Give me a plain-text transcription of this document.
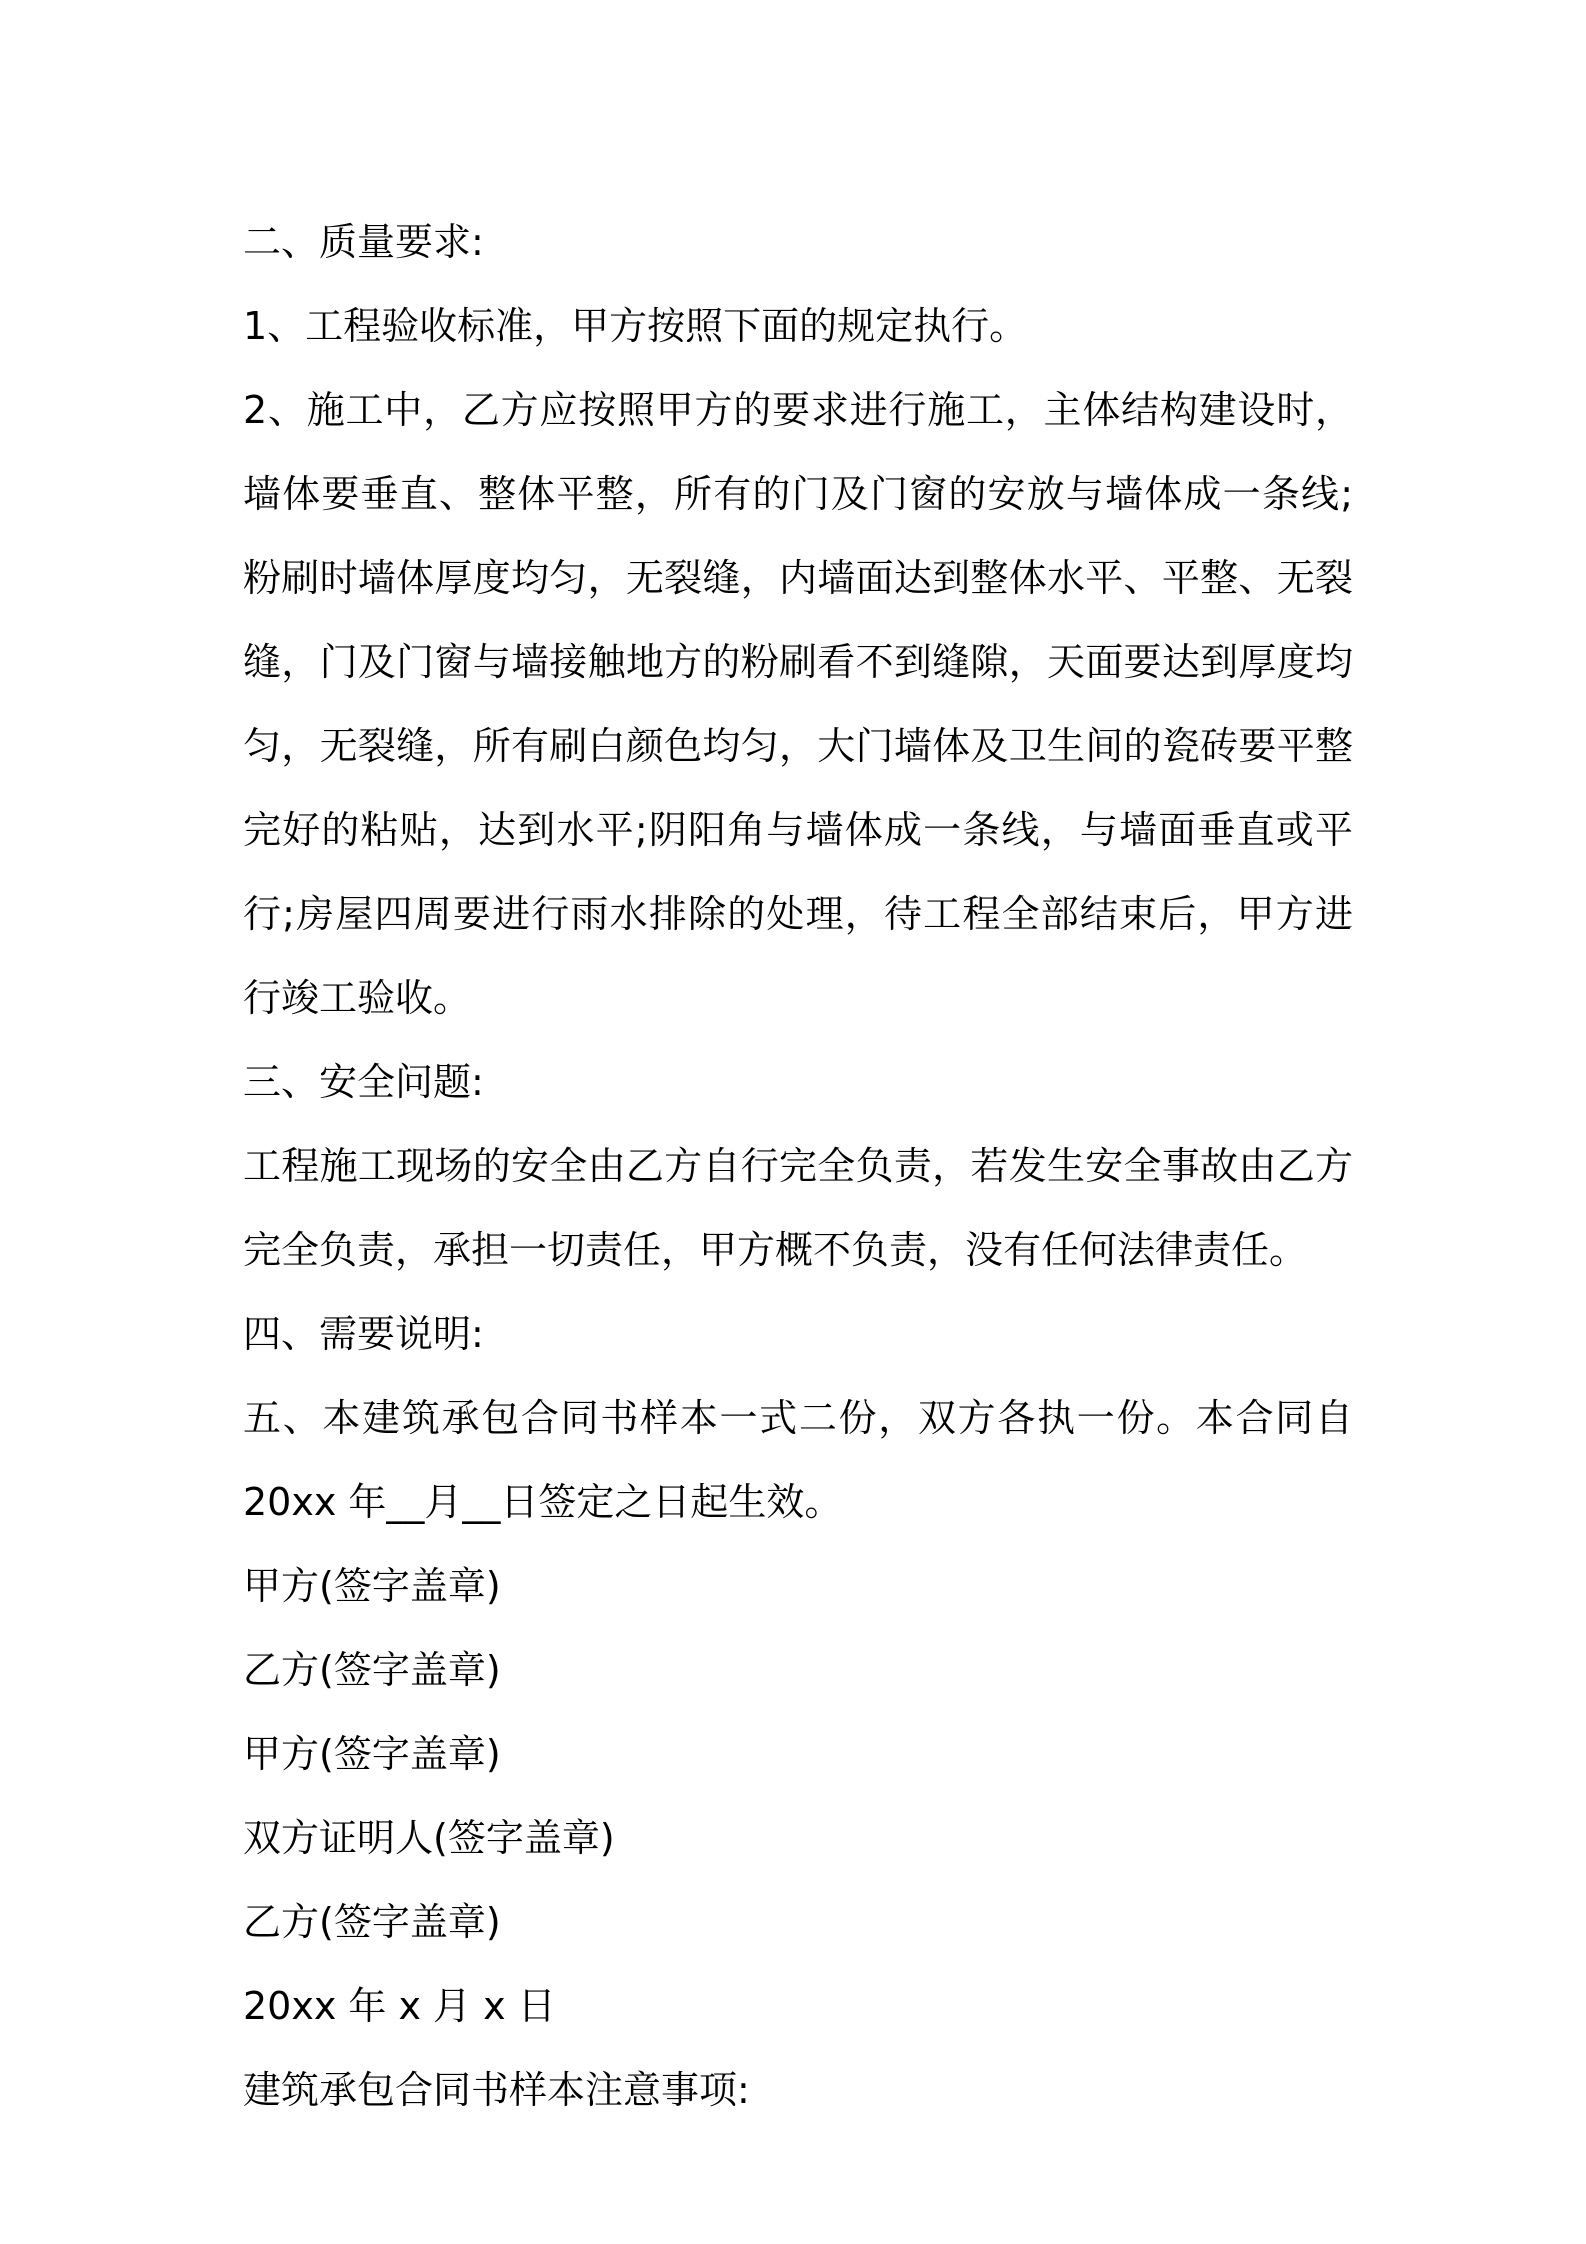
二、质量要求:

1、工程验收标准，甲方按照下面的规定执行。

2、施工中，乙方应按照甲方的要求进行施工，主体结构建设时，墙体要垂直、整体平整，所有的门及门窗的安放与墙体成一条线;粉刷时墙体厚度均匀，无裂缝，内墙面达到整体水平、平整、无裂缝，门及门窗与墙接触地方的粉刷看不到缝隙，天面要达到厚度均匀，无裂缝，所有刷白颜色均匀，大门墙体及卫生间的瓷砖要平整完好的粘贴，达到水平;阴阳角与墙体成一条线，与墙面垂直或平行;房屋四周要进行雨水排除的处理，待工程全部结束后，甲方进行竣工验收。

三、安全问题:

工程施工现场的安全由乙方自行完全负责，若发生安全事故由乙方完全负责，承担一切责任，甲方概不负责，没有任何法律责任。

四、需要说明:

五、本建筑承包合同书样本一式二份，双方各执一份。本合同自 20xx 年__月__日签定之日起生效。

甲方(签字盖章)

乙方(签字盖章)

甲方(签字盖章)

双方证明人(签字盖章)

乙方(签字盖章)

20xx 年 x 月 x 日

建筑承包合同书样本注意事项:
